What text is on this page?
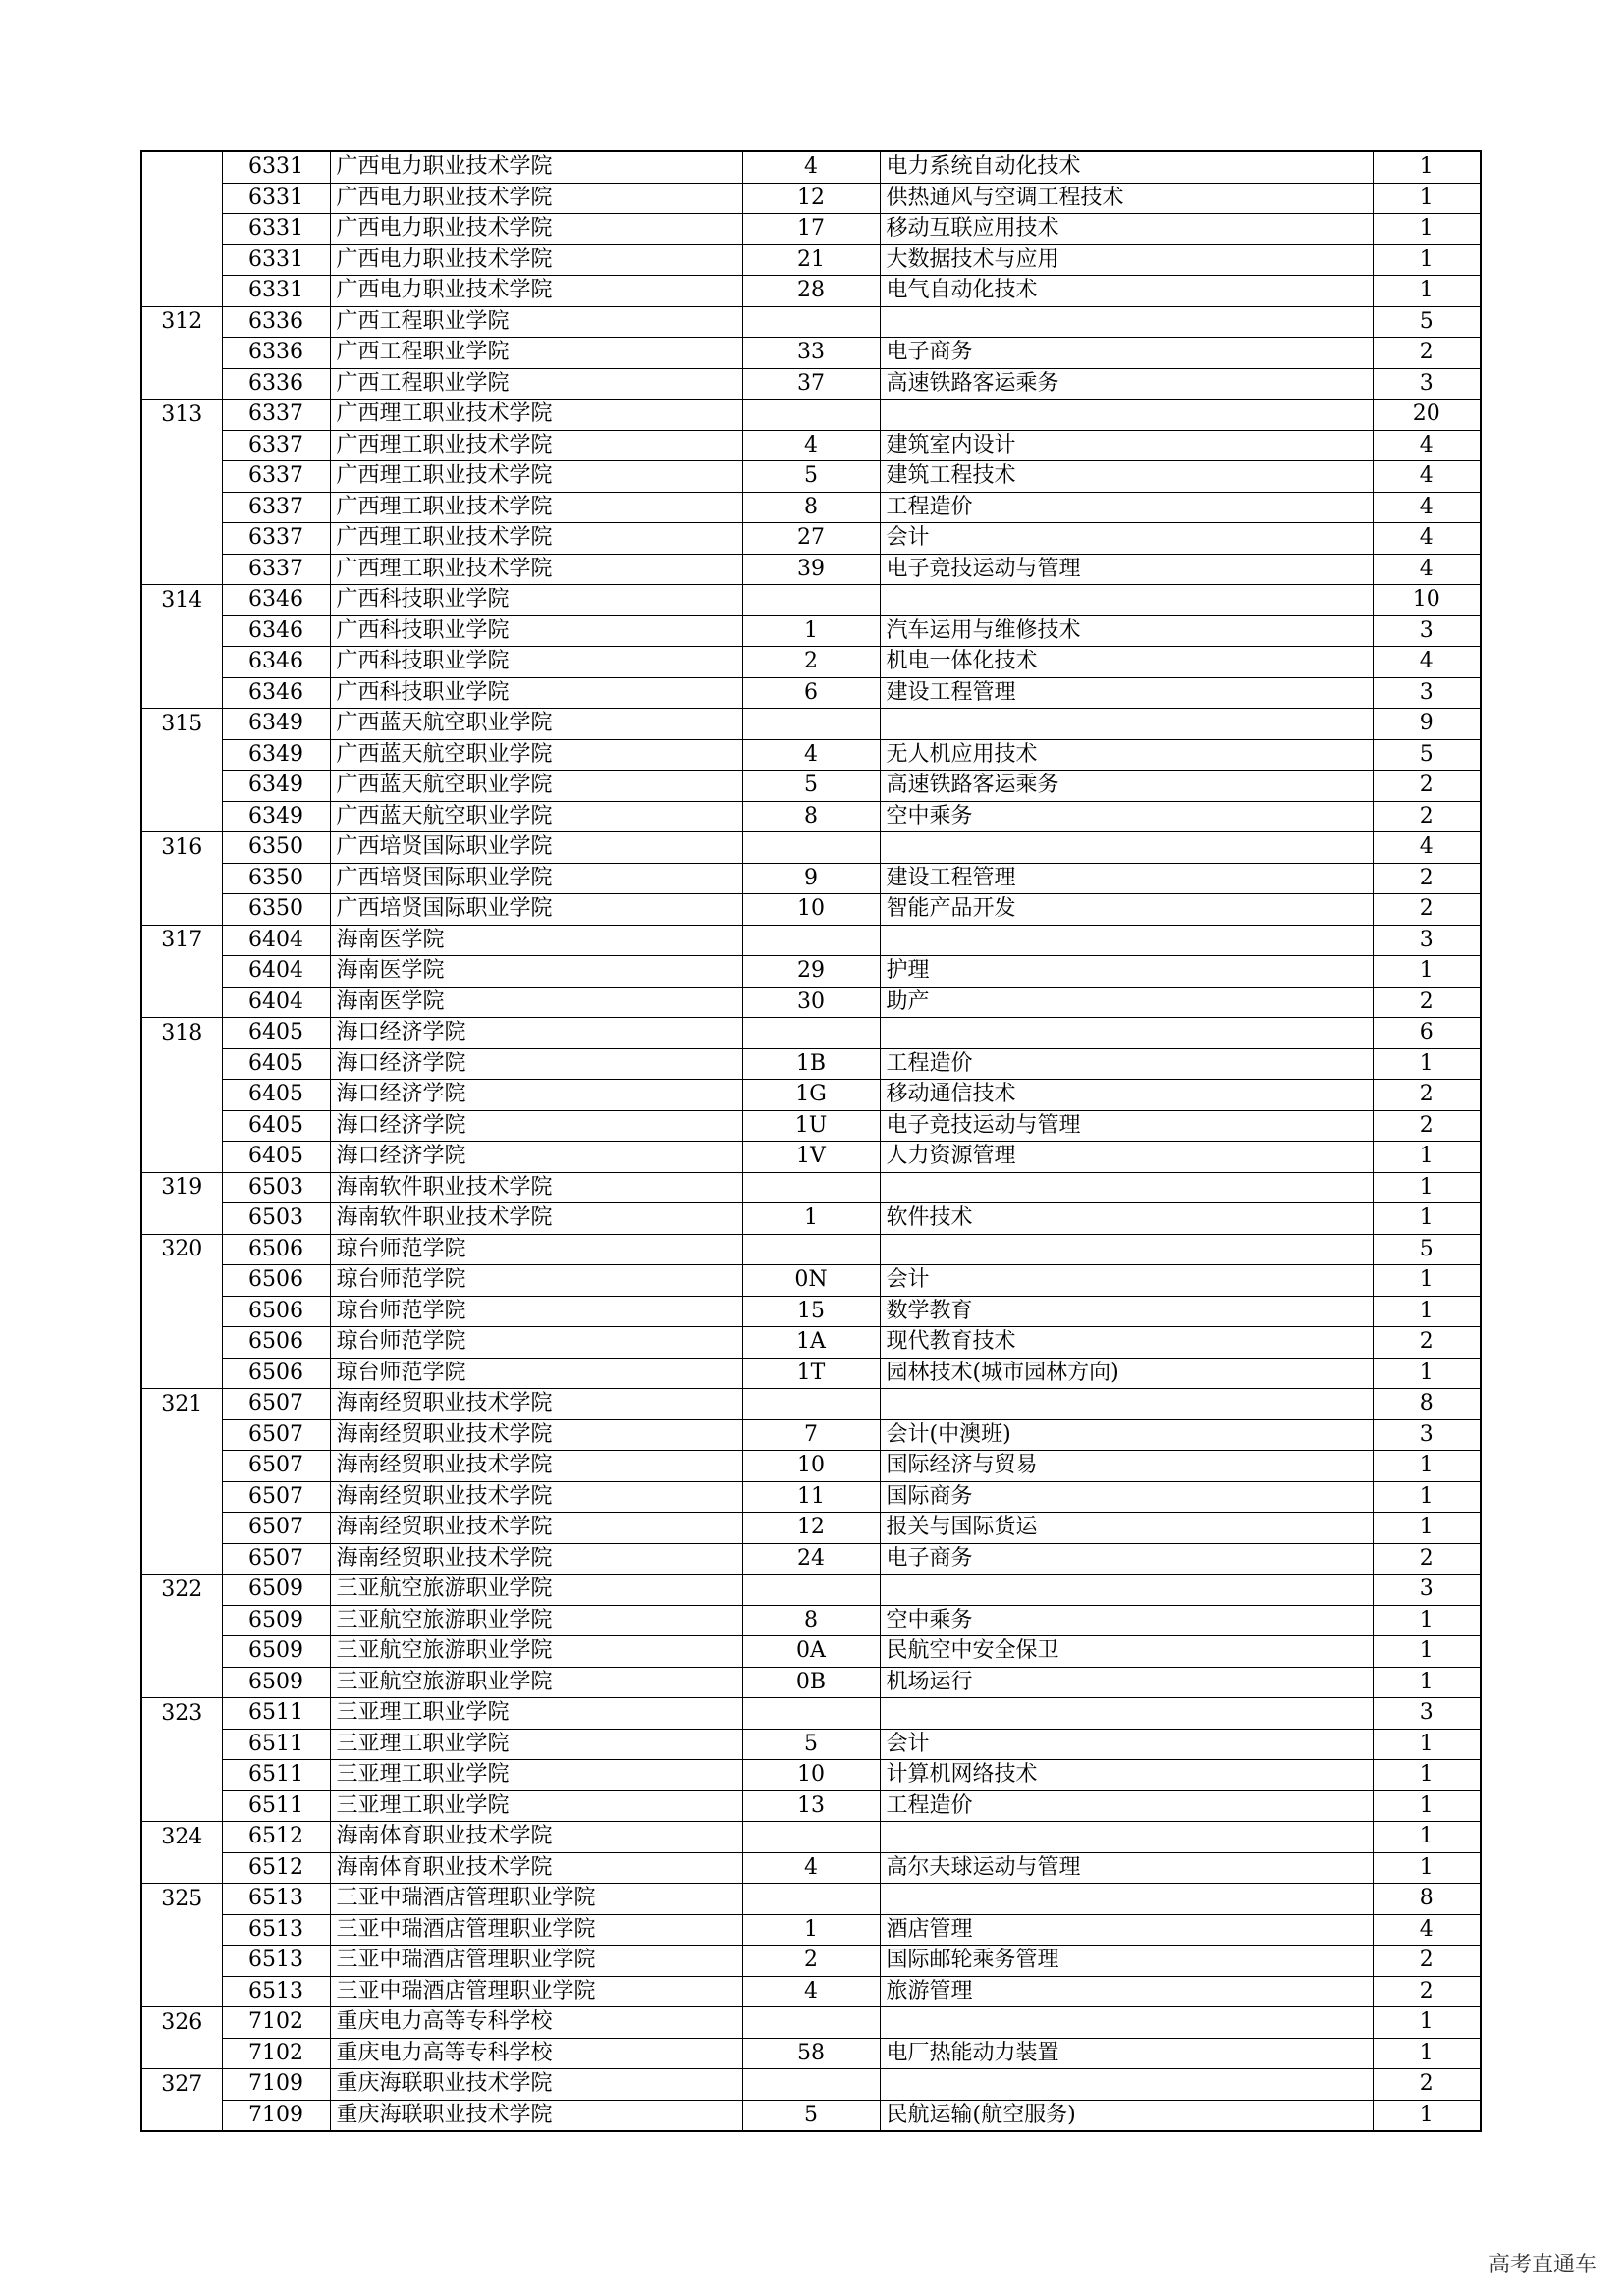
	6331	广西电力职业技术学院	4	电力系统自动化技术	1
	6331	广西电力职业技术学院	12	供热通风与空调工程技术	1
	6331	广西电力职业技术学院	17	移动互联应用技术	1
	6331	广西电力职业技术学院	21	大数据技术与应用	1
	6331	广西电力职业技术学院	28	电气自动化技术	1
312	6336	广西工程职业学院			5
	6336	广西工程职业学院	33	电子商务	2
	6336	广西工程职业学院	37	高速铁路客运乘务	3
313	6337	广西理工职业技术学院			20
	6337	广西理工职业技术学院	4	建筑室内设计	4
	6337	广西理工职业技术学院	5	建筑工程技术	4
	6337	广西理工职业技术学院	8	工程造价	4
	6337	广西理工职业技术学院	27	会计	4
	6337	广西理工职业技术学院	39	电子竞技运动与管理	4
314	6346	广西科技职业学院			10
	6346	广西科技职业学院	1	汽车运用与维修技术	3
	6346	广西科技职业学院	2	机电一体化技术	4
	6346	广西科技职业学院	6	建设工程管理	3
315	6349	广西蓝天航空职业学院			9
	6349	广西蓝天航空职业学院	4	无人机应用技术	5
	6349	广西蓝天航空职业学院	5	高速铁路客运乘务	2
	6349	广西蓝天航空职业学院	8	空中乘务	2
316	6350	广西培贤国际职业学院			4
	6350	广西培贤国际职业学院	9	建设工程管理	2
	6350	广西培贤国际职业学院	10	智能产品开发	2
317	6404	海南医学院			3
	6404	海南医学院	29	护理	1
	6404	海南医学院	30	助产	2
318	6405	海口经济学院			6
	6405	海口经济学院	1B	工程造价	1
	6405	海口经济学院	1G	移动通信技术	2
	6405	海口经济学院	1U	电子竞技运动与管理	2
	6405	海口经济学院	1V	人力资源管理	1
319	6503	海南软件职业技术学院			1
	6503	海南软件职业技术学院	1	软件技术	1
320	6506	琼台师范学院			5
	6506	琼台师范学院	0N	会计	1
	6506	琼台师范学院	15	数学教育	1
	6506	琼台师范学院	1A	现代教育技术	2
	6506	琼台师范学院	1T	园林技术(城市园林方向)	1
321	6507	海南经贸职业技术学院			8
	6507	海南经贸职业技术学院	7	会计(中澳班)	3
	6507	海南经贸职业技术学院	10	国际经济与贸易	1
	6507	海南经贸职业技术学院	11	国际商务	1
	6507	海南经贸职业技术学院	12	报关与国际货运	1
	6507	海南经贸职业技术学院	24	电子商务	2
322	6509	三亚航空旅游职业学院			3
	6509	三亚航空旅游职业学院	8	空中乘务	1
	6509	三亚航空旅游职业学院	0A	民航空中安全保卫	1
	6509	三亚航空旅游职业学院	0B	机场运行	1
323	6511	三亚理工职业学院			3
	6511	三亚理工职业学院	5	会计	1
	6511	三亚理工职业学院	10	计算机网络技术	1
	6511	三亚理工职业学院	13	工程造价	1
324	6512	海南体育职业技术学院			1
	6512	海南体育职业技术学院	4	高尔夫球运动与管理	1
325	6513	三亚中瑞酒店管理职业学院			8
	6513	三亚中瑞酒店管理职业学院	1	酒店管理	4
	6513	三亚中瑞酒店管理职业学院	2	国际邮轮乘务管理	2
	6513	三亚中瑞酒店管理职业学院	4	旅游管理	2
326	7102	重庆电力高等专科学校			1
	7102	重庆电力高等专科学校	58	电厂热能动力装置	1
327	7109	重庆海联职业技术学院			2
	7109	重庆海联职业技术学院	5	民航运输(航空服务)	1
高考直通车
